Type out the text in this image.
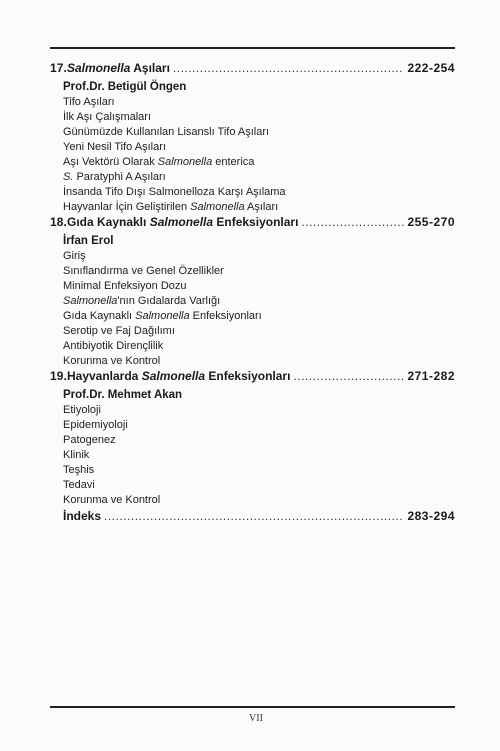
17. Salmonella Aşıları .....	222-254
Prof.Dr. Betigül Öngen
Tifo Aşıları
İlk Aşı Çalışmaları
Günümüzde Kullanılan Lisanslı Tifo Aşıları
Yeni Nesil Tifo Aşıları
Aşı Vektörü Olarak Salmonella enterica
S. Paratyphi A Aşıları
İnsanda Tifo Dışı Salmonelloza Karşı Aşılama
Hayvanlar İçin Geliştirilen Salmonella Aşıları
18. Gıda Kaynaklı Salmonella Enfeksiyonları .....	255-270
İrfan Erol
Giriş
Sınıflandırma ve Genel Özellikler
Minimal Enfeksiyon Dozu
Salmonella'nın Gıdalarda Varlığı
Gıda Kaynaklı Salmonella Enfeksiyonları
Serotip ve Faj Dağılımı
Antibiyotik Dirençlilik
Korunma ve Kontrol
19. Hayvanlarda Salmonella Enfeksiyonları .....	271-282
Prof.Dr. Mehmet Akan
Etiyoloji
Epidemiyoloji
Patogenez
Klinik
Teşhis
Tedavi
Korunma ve Kontrol
İndeks .....	283-294
VII
